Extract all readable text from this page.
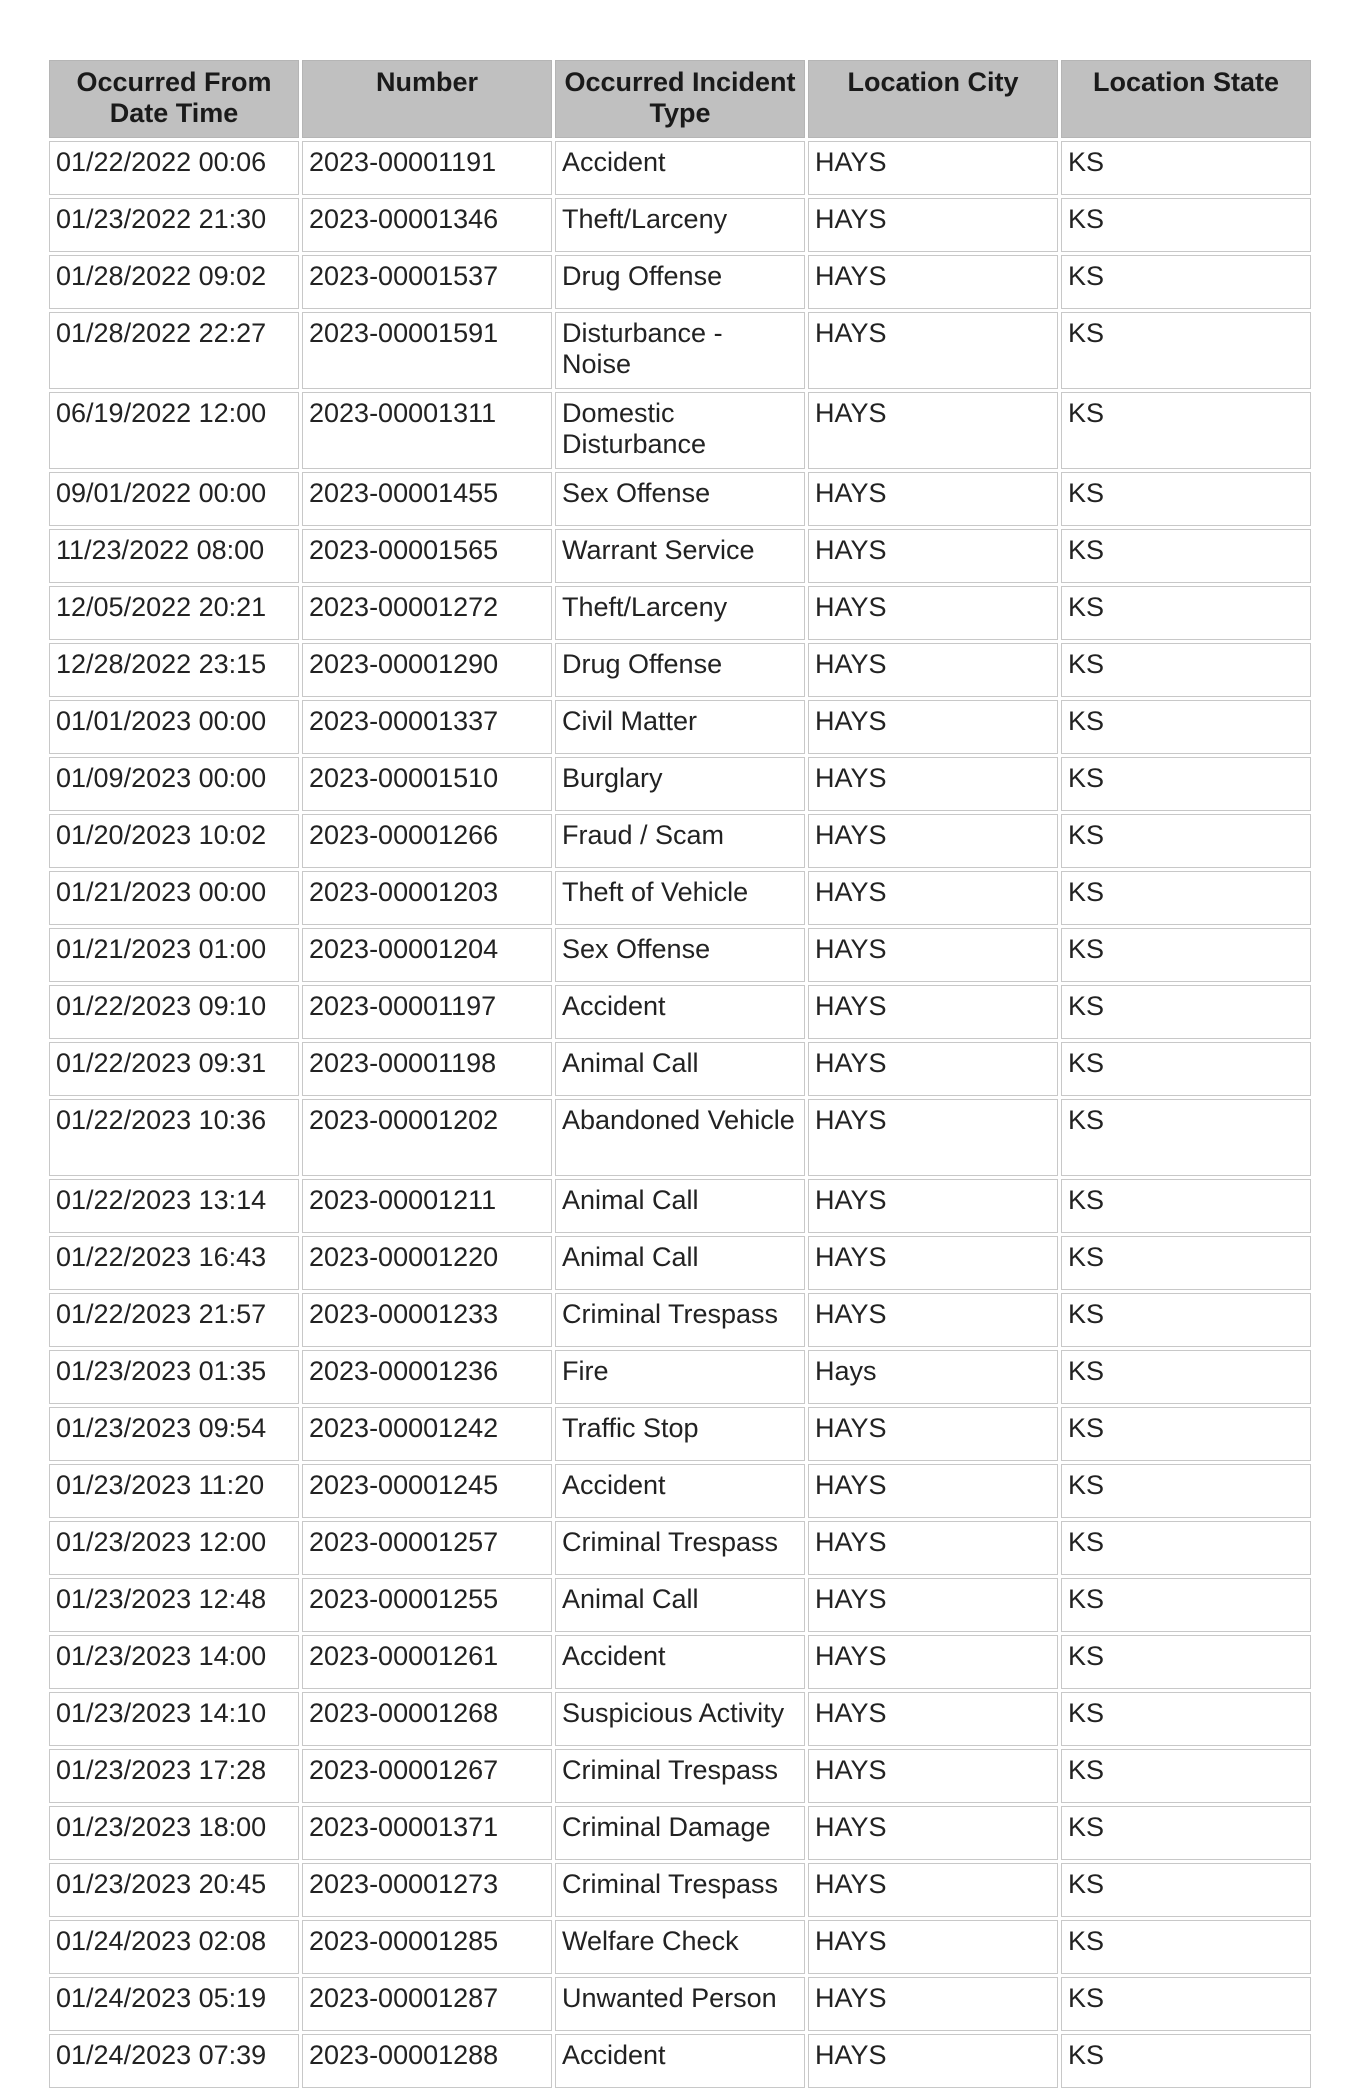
Occurred From Date Time	Number	Occurred Incident Type	Location City	Location State
01/22/2022 00:06	2023-00001191	Accident	HAYS	KS
01/23/2022 21:30	2023-00001346	Theft/Larceny	HAYS	KS
01/28/2022 09:02	2023-00001537	Drug Offense	HAYS	KS
01/28/2022 22:27	2023-00001591	Disturbance - Noise	HAYS	KS
06/19/2022 12:00	2023-00001311	Domestic Disturbance	HAYS	KS
09/01/2022 00:00	2023-00001455	Sex Offense	HAYS	KS
11/23/2022 08:00	2023-00001565	Warrant Service	HAYS	KS
12/05/2022 20:21	2023-00001272	Theft/Larceny	HAYS	KS
12/28/2022 23:15	2023-00001290	Drug Offense	HAYS	KS
01/01/2023 00:00	2023-00001337	Civil Matter	HAYS	KS
01/09/2023 00:00	2023-00001510	Burglary	HAYS	KS
01/20/2023 10:02	2023-00001266	Fraud / Scam	HAYS	KS
01/21/2023 00:00	2023-00001203	Theft of Vehicle	HAYS	KS
01/21/2023 01:00	2023-00001204	Sex Offense	HAYS	KS
01/22/2023 09:10	2023-00001197	Accident	HAYS	KS
01/22/2023 09:31	2023-00001198	Animal Call	HAYS	KS
01/22/2023 10:36	2023-00001202	Abandoned Vehicle	HAYS	KS
01/22/2023 13:14	2023-00001211	Animal Call	HAYS	KS
01/22/2023 16:43	2023-00001220	Animal Call	HAYS	KS
01/22/2023 21:57	2023-00001233	Criminal Trespass	HAYS	KS
01/23/2023 01:35	2023-00001236	Fire	Hays	KS
01/23/2023 09:54	2023-00001242	Traffic Stop	HAYS	KS
01/23/2023 11:20	2023-00001245	Accident	HAYS	KS
01/23/2023 12:00	2023-00001257	Criminal Trespass	HAYS	KS
01/23/2023 12:48	2023-00001255	Animal Call	HAYS	KS
01/23/2023 14:00	2023-00001261	Accident	HAYS	KS
01/23/2023 14:10	2023-00001268	Suspicious Activity	HAYS	KS
01/23/2023 17:28	2023-00001267	Criminal Trespass	HAYS	KS
01/23/2023 18:00	2023-00001371	Criminal Damage	HAYS	KS
01/23/2023 20:45	2023-00001273	Criminal Trespass	HAYS	KS
01/24/2023 02:08	2023-00001285	Welfare Check	HAYS	KS
01/24/2023 05:19	2023-00001287	Unwanted Person	HAYS	KS
01/24/2023 07:39	2023-00001288	Accident	HAYS	KS
